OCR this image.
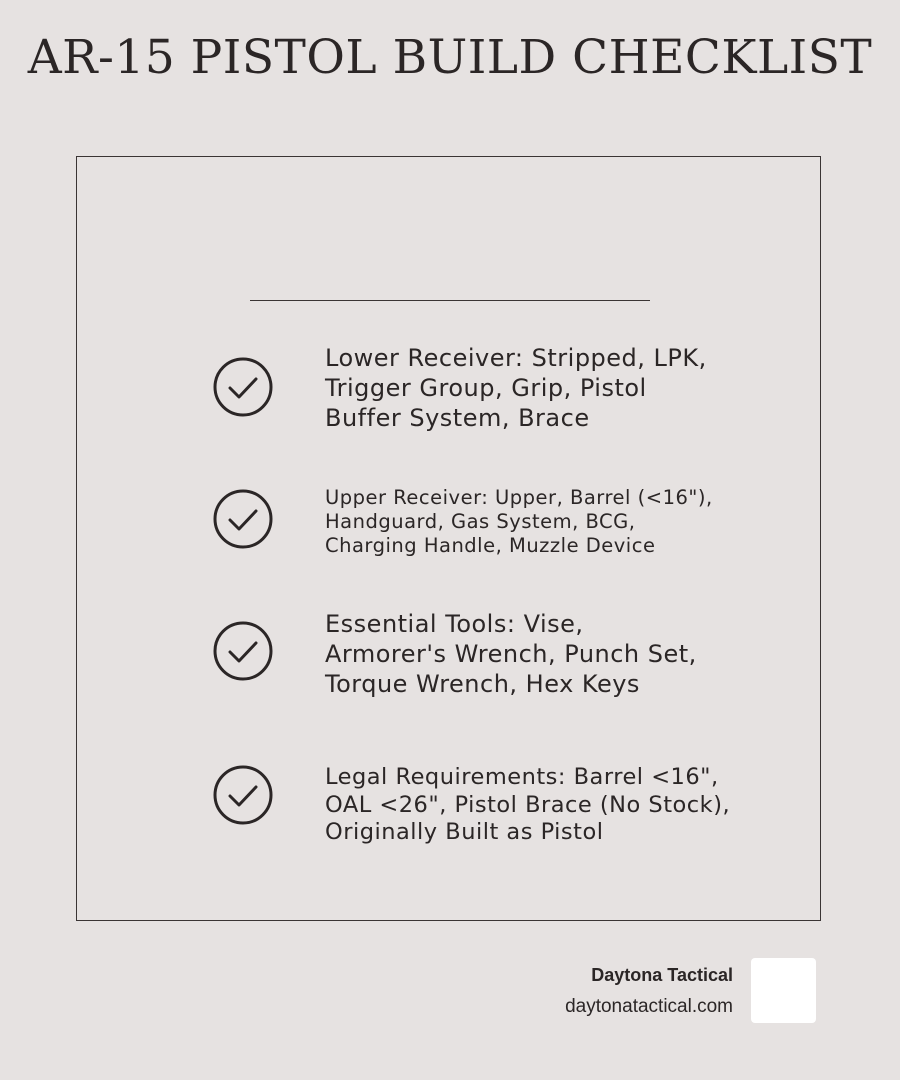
AR-15 PISTOL BUILD CHECKLIST

Lower Receiver: Stripped, LPK,
Trigger Group, Grip, Pistol
Buffer System, Brace

Upper Receiver: Upper, Barrel (<16"),
Handguard, Gas System, BCG,
Charging Handle, Muzzle Device

Essential Tools: Vise,
Armorer's Wrench, Punch Set,
Torque Wrench, Hex Keys

Legal Requirements: Barrel <16",
OAL <26", Pistol Brace (No Stock),
Originally Built as Pistol

Daytona Tactical
daytonatactical.com
